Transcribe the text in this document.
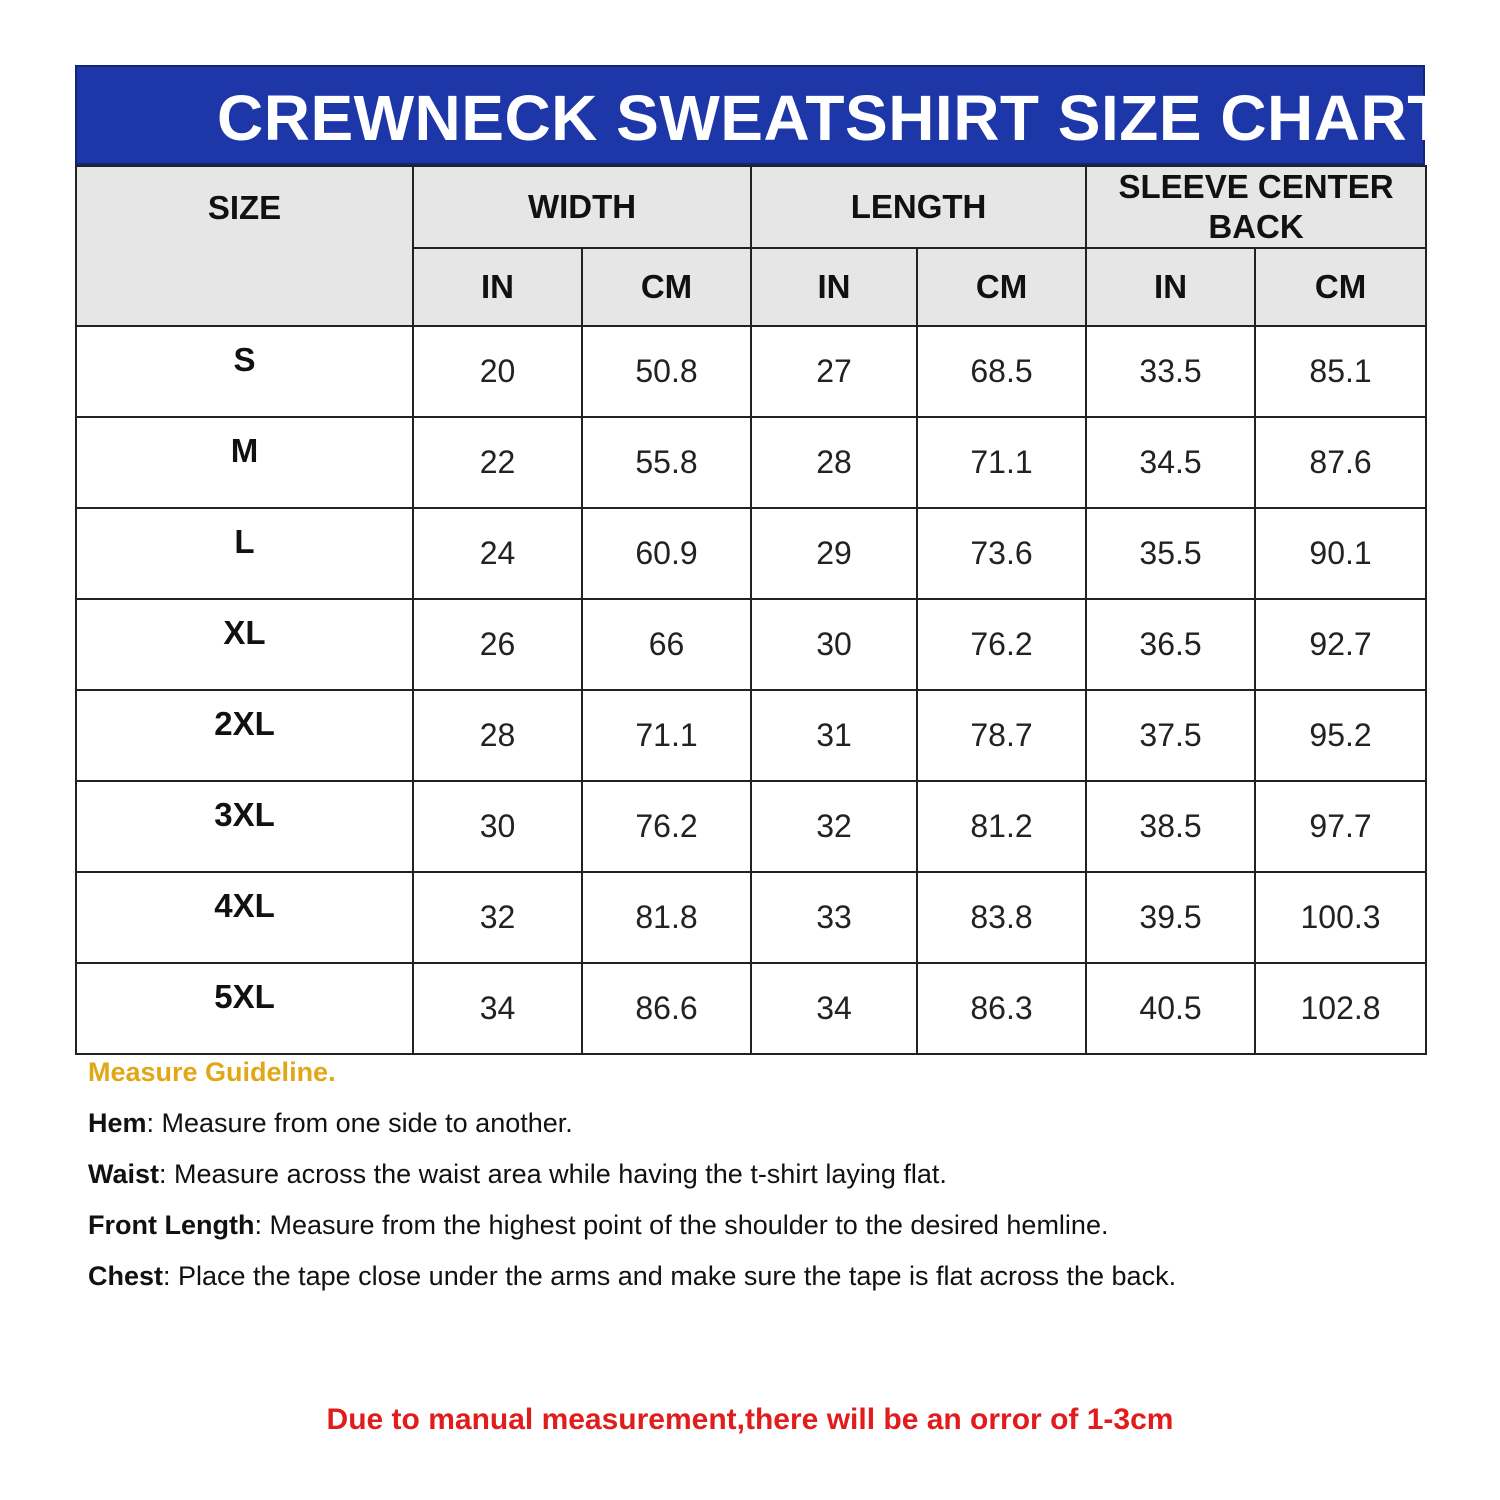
CREWNECK SWEATSHIRT SIZE CHART
SIZE	WIDTH		LENGTH		SLEEVE CENTER BACK	
	IN	CM	IN	CM	IN	CM
S	20	50.8	27	68.5	33.5	85.1
M	22	55.8	28	71.1	34.5	87.6
L	24	60.9	29	73.6	35.5	90.1
XL	26	66	30	76.2	36.5	92.7
2XL	28	71.1	31	78.7	37.5	95.2
3XL	30	76.2	32	81.2	38.5	97.7
4XL	32	81.8	33	83.8	39.5	100.3
5XL	34	86.6	34	86.3	40.5	102.8
Measure Guideline.
Hem: Measure from one side to another.
Waist: Measure across the waist area while having the t-shirt laying flat.
Front Length: Measure from the highest point of the shoulder to the desired hemline.
Chest: Place the tape close under the arms and make sure the tape is flat across the back.
Due to manual measurement,there will be an orror of 1-3cm
